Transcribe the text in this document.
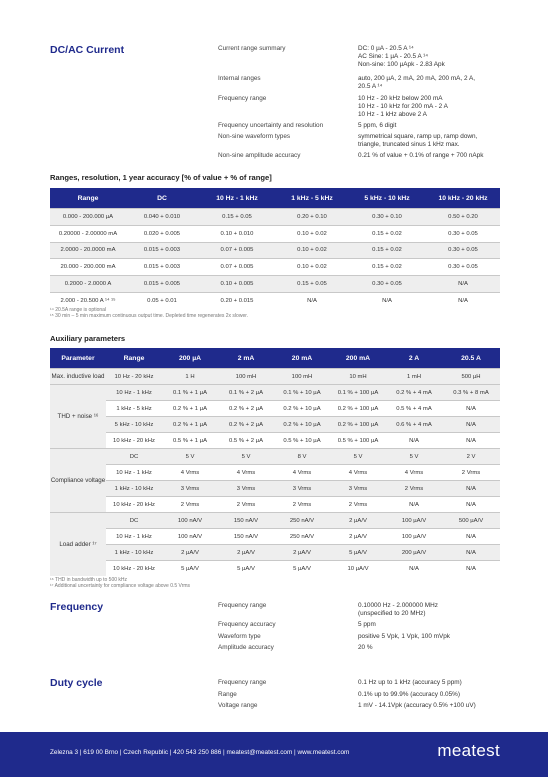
DC/AC Current	Current range summary	DC: 0 µA - 20.5 A ¹⁴
AC Sine: 1 µA - 20.5 A ¹⁴
Non-sine: 100 µApk - 2.83 Apk
Internal ranges	auto, 200 µA, 2 mA, 20 mA, 200 mA, 2 A,
20.5 A ¹⁴
Frequency range	10 Hz - 20 kHz below 200 mA
10 Hz - 10 kHz for 200 mA - 2 A
10 Hz - 1 kHz above 2 A
Frequency uncertainty and resolution	5 ppm, 6 digit
Non-sine waveform types	symmetrical square, ramp up, ramp down,
triangle, truncated sinus 1 kHz max.
Non-sine amplitude accuracy	0.21 % of value + 0.1% of range + 700 nApk
Ranges, resolution, 1 year accuracy [% of value + % of range]
Range	DC	10 Hz - 1 kHz	1 kHz - 5 kHz	5 kHz - 10 kHz	10 kHz - 20 kHz
0.000 - 200.000 µA	0.040 + 0.010	0.15 + 0.05	0.20 + 0.10	0.30 + 0.10	0.50 + 0.20
0.20000 - 2.00000 mA	0.020 + 0.005	0.10 + 0.010	0.10 + 0.02	0.15 + 0.02	0.30 + 0.05
2.0000 - 20.0000 mA	0.015 + 0.003	0.07 + 0.005	0.10 + 0.02	0.15 + 0.02	0.30 + 0.05
20.000 - 200.000 mA	0.015 + 0.003	0.07 + 0.005	0.10 + 0.02	0.15 + 0.02	0.30 + 0.05
0.2000 - 2.0000 A	0.015 + 0.005	0.10 + 0.005	0.15 + 0.05	0.30 + 0.05	N/A
2.000 - 20.500 A ¹⁴ ¹⁵	0.05 + 0.01	0.20 + 0.015	N/A	N/A	N/A
¹⁴ 20.5A range is optional
¹⁵ 30 min – 5 min maximum continuous output time. Depleted time regenerates 2x slower.
Auxiliary parameters
Parameter	Range	200 µA	2 mA	20 mA	200 mA	2 A	20.5 A
Max. inductive load	10 Hz - 20 kHz	1 H	100 mH	100 mH	10 mH	1 mH	500 µH
THD + noise ¹⁶	10 Hz - 1 kHz	0.1 % + 1 µA	0.1 % + 2 µA	0.1 % + 10 µA	0.1 % + 100 µA	0.2 % + 4 mA	0.3 % + 8 mA
	1 kHz - 5 kHz	0.2 % + 1 µA	0.2 % + 2 µA	0.2 % + 10 µA	0.2 % + 100 µA	0.5 % + 4 mA	N/A
	5 kHz - 10 kHz	0.2 % + 1 µA	0.2 % + 2 µA	0.2 % + 10 µA	0.2 % + 100 µA	0.6 % + 4 mA	N/A
	10 kHz - 20 kHz	0.5 % + 1 µA	0.5 % + 2 µA	0.5 % + 10 µA	0.5 % + 100 µA	N/A	N/A
Compliance voltage	DC	5 V	5 V	8 V	5 V	5 V	2 V
	10 Hz - 1 kHz	4 Vrms	4 Vrms	4 Vrms	4 Vrms	4 Vrms	2 Vrms
	1 kHz - 10 kHz	3 Vrms	3 Vrms	3 Vrms	3 Vrms	2 Vrms	N/A
	10 kHz - 20 kHz	2 Vrms	2 Vrms	2 Vrms	2 Vrms	N/A	N/A
Load adder ¹⁷	DC	100 nA/V	150 nA/V	250 nA/V	2 µA/V	100 µA/V	500 µA/V
	10 Hz - 1 kHz	100 nA/V	150 nA/V	250 nA/V	2 µA/V	100 µA/V	N/A
	1 kHz - 10 kHz	2 µA/V	2 µA/V	2 µA/V	5 µA/V	200 µA/V	N/A
	10 kHz - 20 kHz	5 µA/V	5 µA/V	5 µA/V	10 µA/V	N/A	N/A
¹⁶ THD in bandwidth up to 500 kHz
¹⁷ Additional uncertainty for compliance voltage above 0.5 Vrms
Frequency	Frequency range	0.10000 Hz - 2.000000 MHz
(unspecified to 20 MHz)
Frequency accuracy	5 ppm
Waveform type	positive 5 Vpk, 1 Vpk, 100 mVpk
Amplitude accuracy	20 %
Duty cycle	Frequency range	0.1 Hz up to 1 kHz (accuracy 5 ppm)
Range	0.1% up to 99.9% (accuracy 0.05%)
Voltage range	1 mV - 14.1Vpk (accuracy 0.5% +100 uV)
Zelezna 3 | 619 00 Brno | Czech Republic | 420 543 250 886 | meatest@meatest.com | www.meatest.com	meatest
